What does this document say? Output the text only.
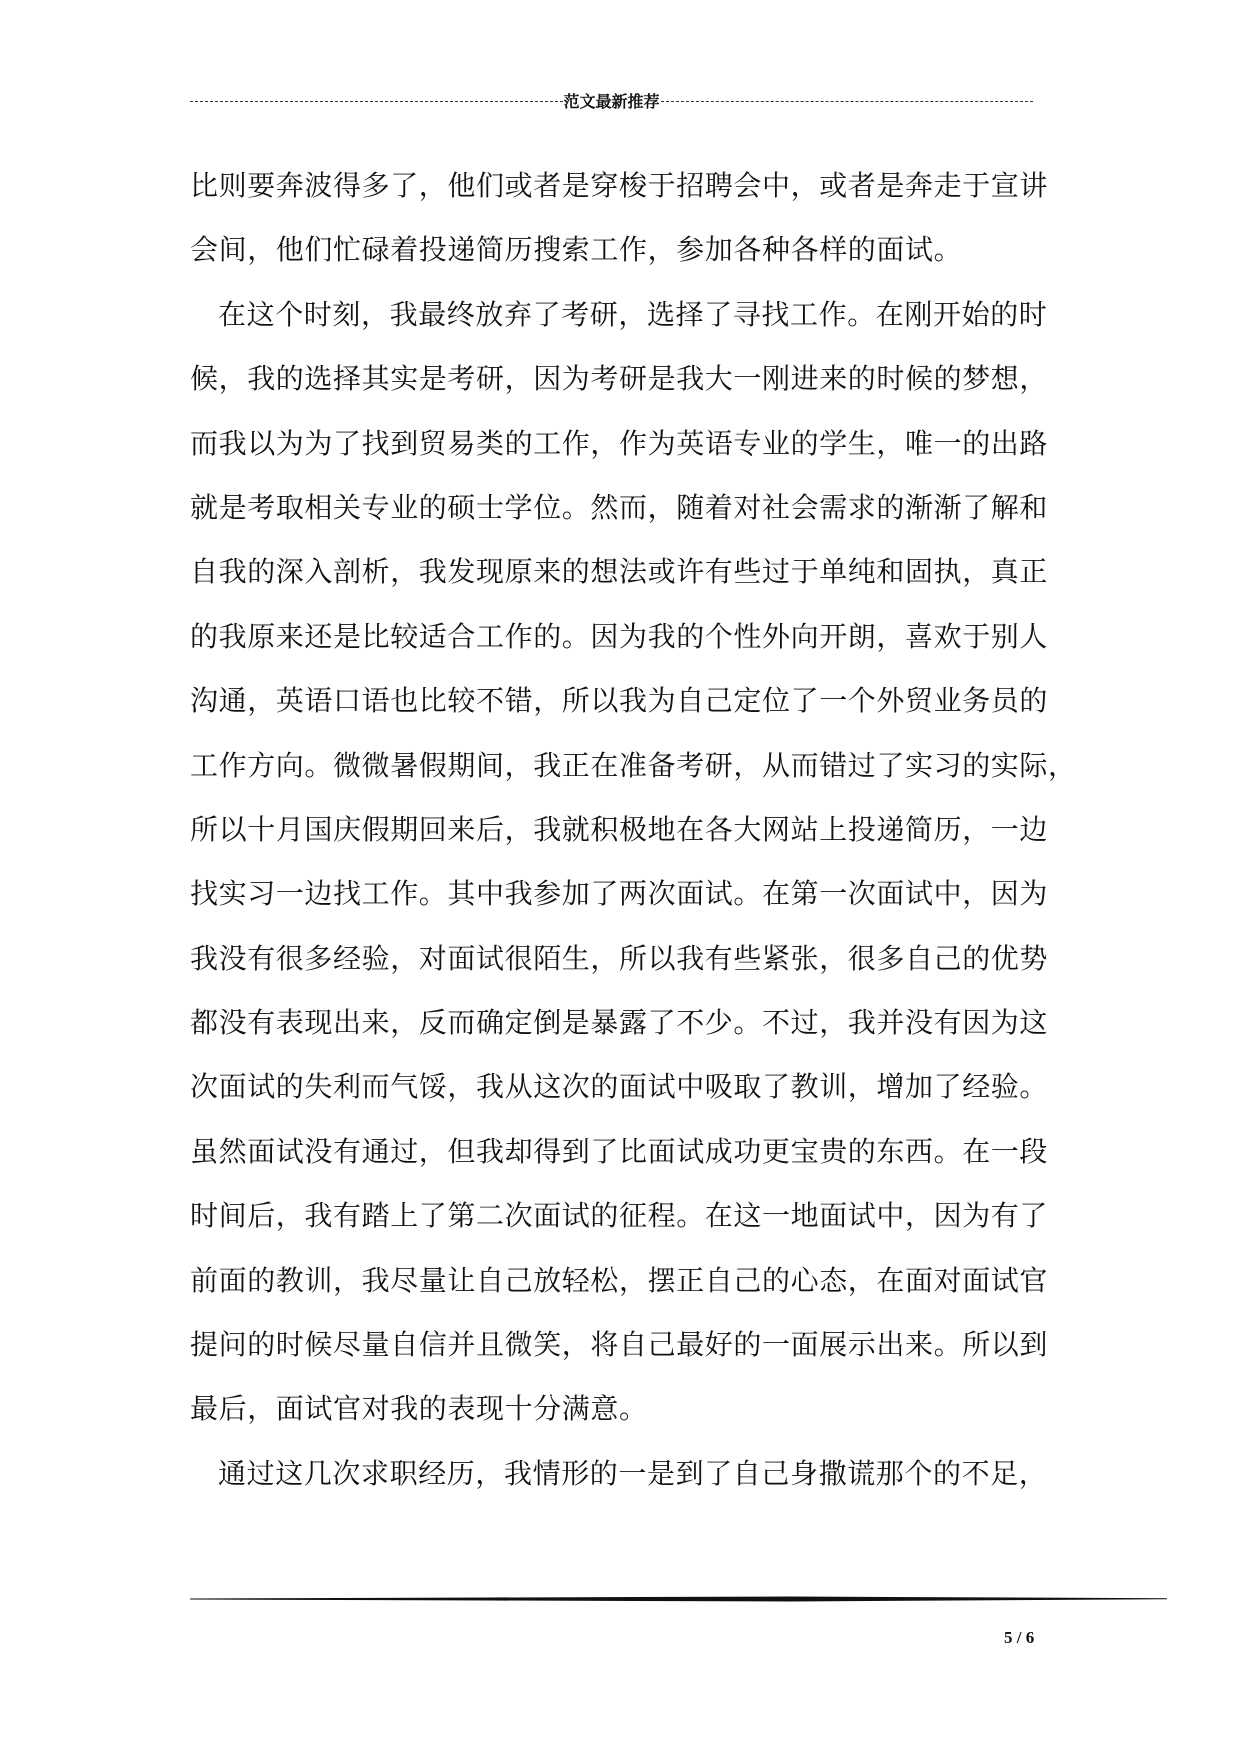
范文最新推荐
比则要奔波得多了，他们或者是穿梭于招聘会中，或者是奔走于宣讲
会间，他们忙碌着投递简历搜索工作，参加各种各样的面试。
在这个时刻，我最终放弃了考研，选择了寻找工作。在刚开始的时
候，我的选择其实是考研，因为考研是我大一刚进来的时候的梦想，
而我以为为了找到贸易类的工作，作为英语专业的学生，唯一的出路
就是考取相关专业的硕士学位。然而，随着对社会需求的渐渐了解和
自我的深入剖析，我发现原来的想法或许有些过于单纯和固执，真正
的我原来还是比较适合工作的。因为我的个性外向开朗，喜欢于别人
沟通，英语口语也比较不错，所以我为自己定位了一个外贸业务员的
工作方向。微微暑假期间，我正在准备考研，从而错过了实习的实际，
所以十月国庆假期回来后，我就积极地在各大网站上投递简历，一边
找实习一边找工作。其中我参加了两次面试。在第一次面试中，因为
我没有很多经验，对面试很陌生，所以我有些紧张，很多自己的优势
都没有表现出来，反而确定倒是暴露了不少。不过，我并没有因为这
次面试的失利而气馁，我从这次的面试中吸取了教训，增加了经验。
虽然面试没有通过，但我却得到了比面试成功更宝贵的东西。在一段
时间后，我有踏上了第二次面试的征程。在这一地面试中，因为有了
前面的教训，我尽量让自己放轻松，摆正自己的心态，在面对面试官
提问的时候尽量自信并且微笑，将自己最好的一面展示出来。所以到
最后，面试官对我的表现十分满意。
通过这几次求职经历，我情形的一是到了自己身撒谎那个的不足，
5 / 6
